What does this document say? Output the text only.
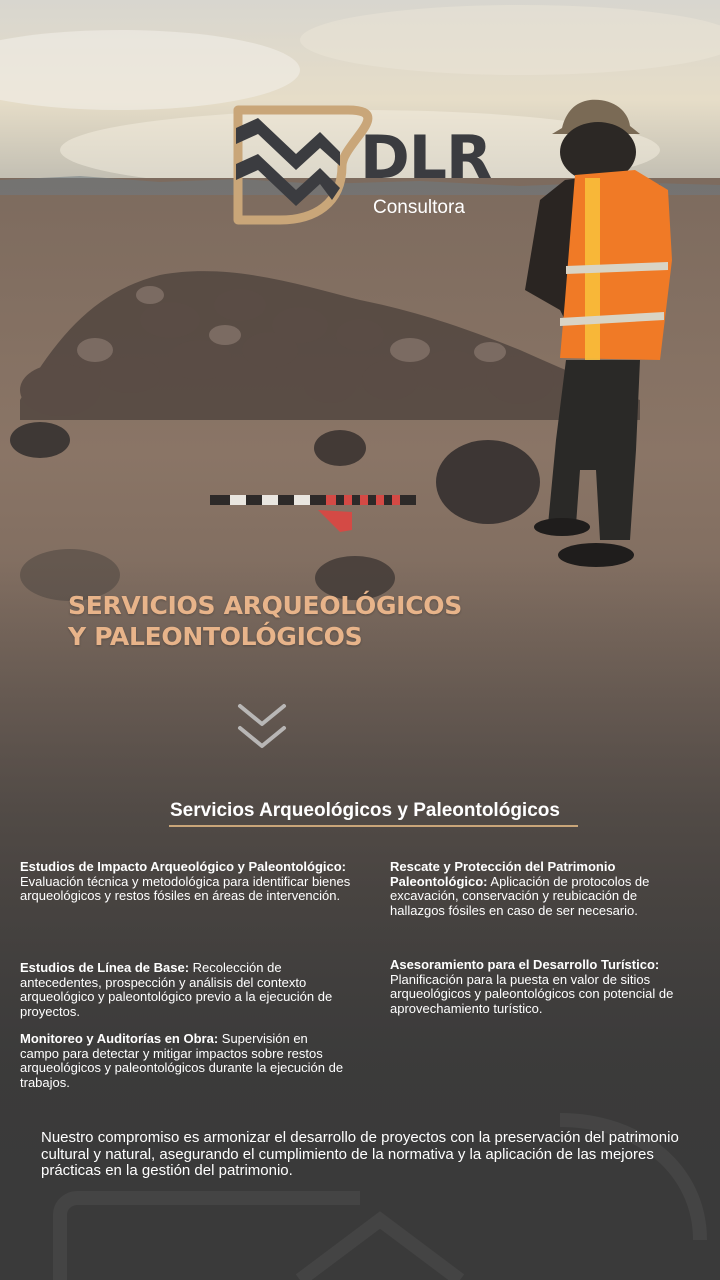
DLR
Consultora
SERVICIOS ARQUEOLÓGICOS
Y PALEONTOLÓGICOS
Servicios Arqueológicos y Paleontológicos

Estudios de Impacto Arqueológico y Paleontológico:
Evaluación técnica y metodológica para identificar bienes arqueológicos y restos fósiles en áreas de intervención.

Estudios de Línea de Base: Recolección de antecedentes, prospección y análisis del contexto arqueológico y paleontológico previo a la ejecución de proyectos.

Monitoreo y Auditorías en Obra: Supervisión en campo para detectar y mitigar impactos sobre restos arqueológicos y paleontológicos durante la ejecución de trabajos.

Rescate y Protección del Patrimonio Paleontológico: Aplicación de protocolos de excavación, conservación y reubicación de hallazgos fósiles en caso de ser necesario.

Asesoramiento para el Desarrollo Turístico:
Planificación para la puesta en valor de sitios arqueológicos y paleontológicos con potencial de aprovechamiento turístico.

Nuestro compromiso es armonizar el desarrollo de proyectos con la preservación del patrimonio cultural y natural, asegurando el cumplimiento de la normativa y la aplicación de las mejores prácticas en la gestión del patrimonio.
